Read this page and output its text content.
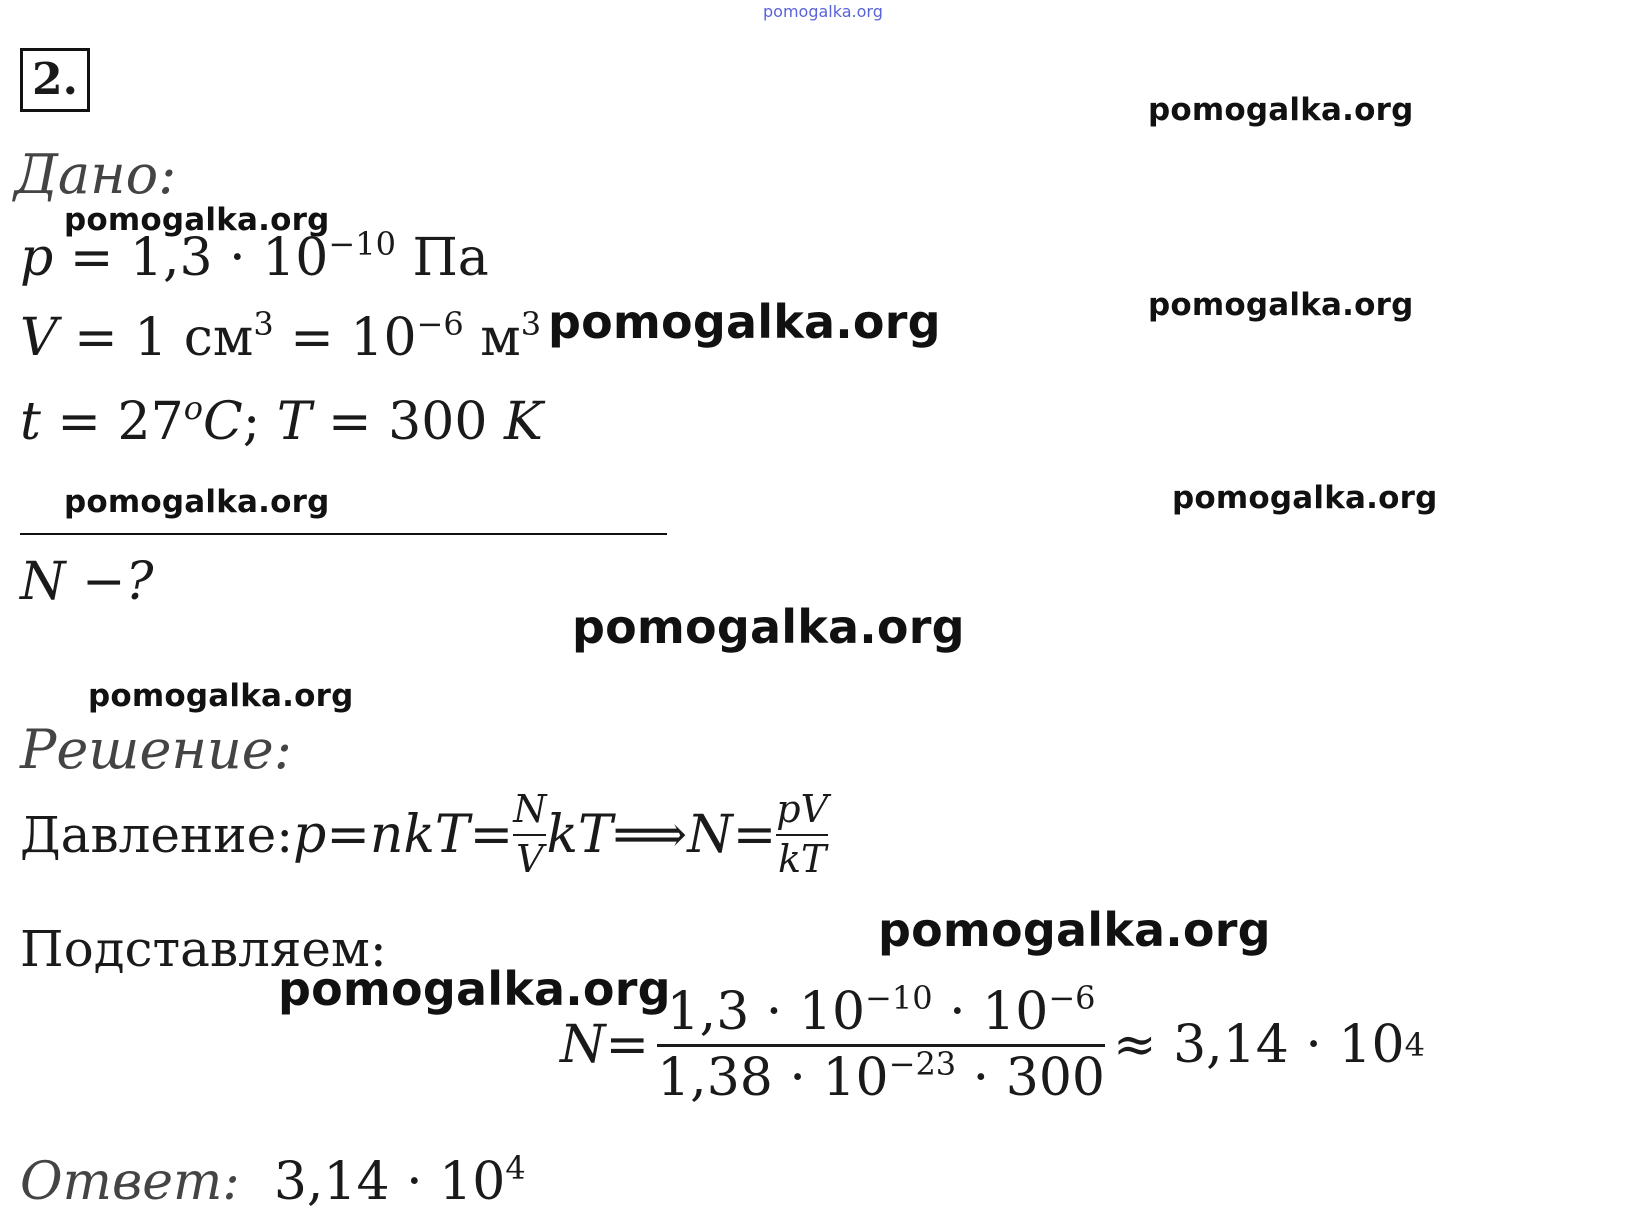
pomogalka.org
2.
Дано:
$p = 1,3 \cdot 10^{-10}$ Па
V = 1 $см^3 = 10^{-6}$ $м^3$
$t = 27^oC$; T = 300 K
N −?
Решение:
Давление: p = nkT = $\frac{N}{V}$ kT ⟹ $N = \frac{pV}{kT}$
Подставляем:
$N = \frac{1,3 \cdot 10^{-10} \cdot 10^{-6}}{1,38 \cdot 10^{-23} \cdot 300} \approx 3,14 \cdot 10$ 4
Ответ: $3,14 \cdot 10^4$
pomogalka.org
pomogalka.org
pomogalka.org	pomogalka.org
pomogalka.org	pomogalka.org
pomogalka.org
pomogalka.org
pomogalka.org
pomogalka.org
